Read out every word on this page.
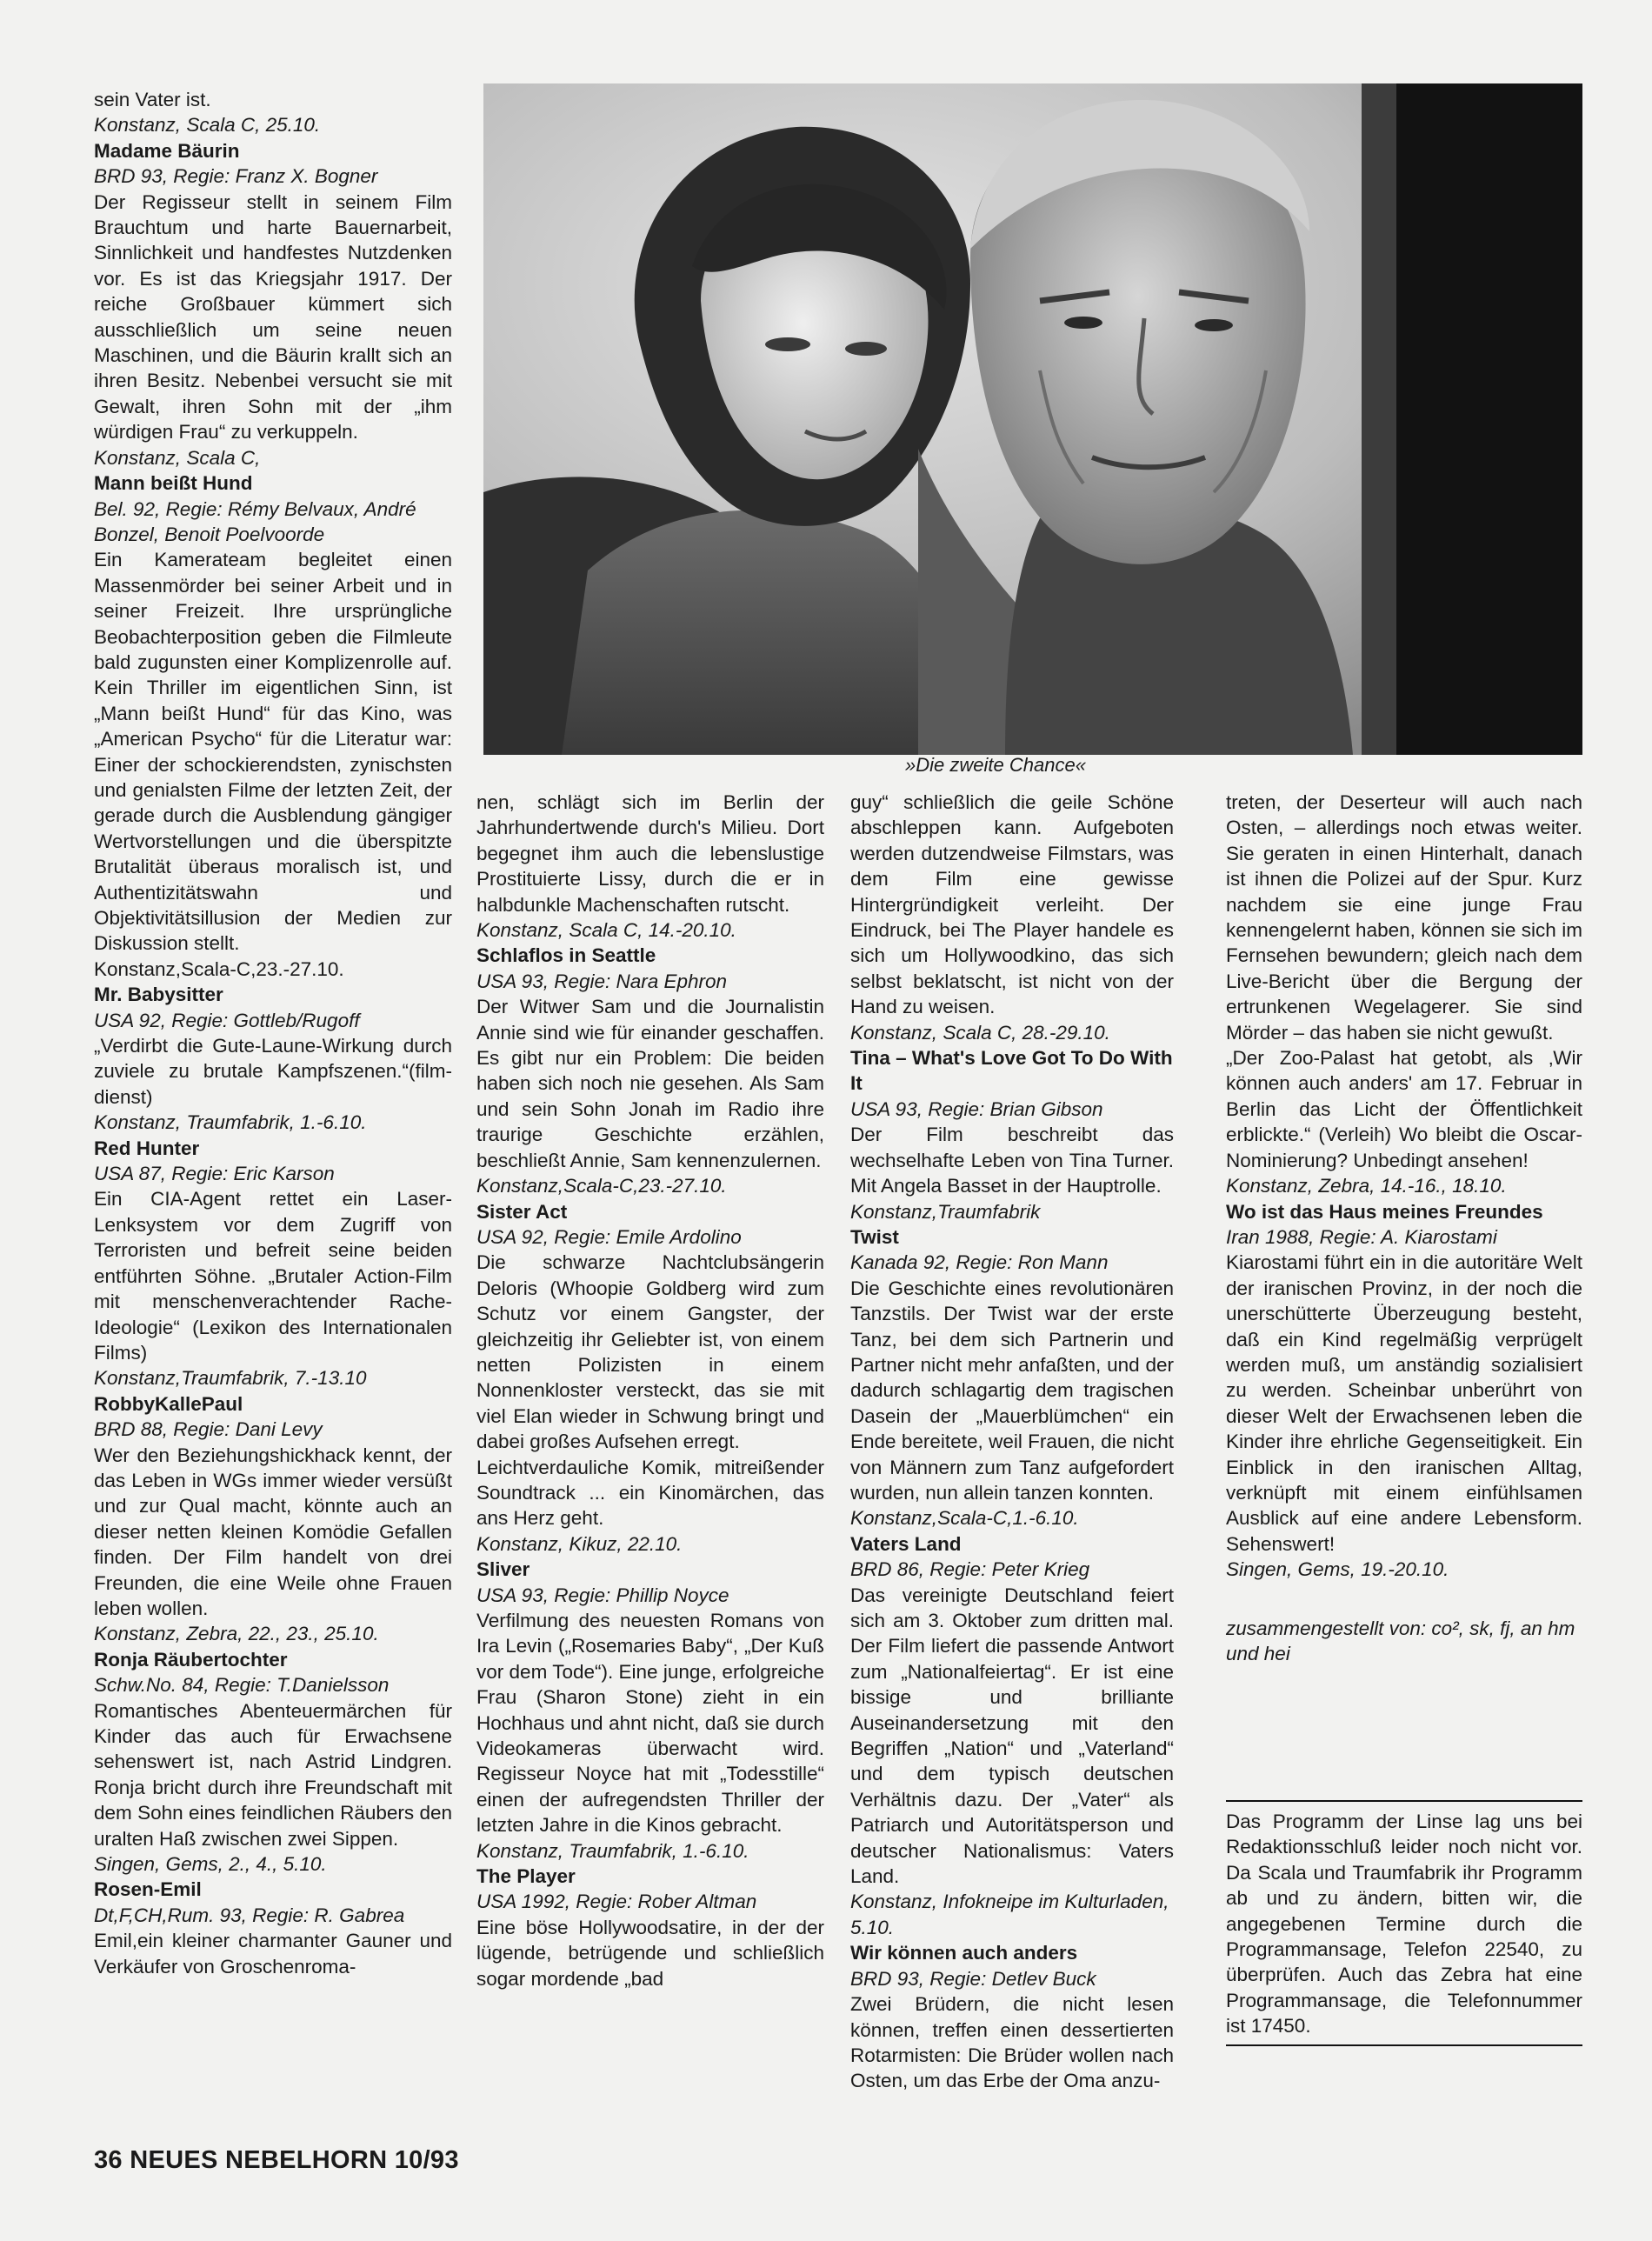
sein Vater ist.

Konstanz, Scala C, 25.10.

Madame Bäurin

BRD 93, Regie: Franz X. Bogner

Der Regisseur stellt in seinem Film Brauchtum und harte Bauernarbeit, Sinnlichkeit und handfestes Nutzdenken vor. Es ist das Kriegsjahr 1917. Der reiche Großbauer kümmert sich ausschließlich um seine neuen Maschinen, und die Bäurin krallt sich an ihren Besitz. Nebenbei versucht sie mit Gewalt, ihren Sohn mit der „ihm würdigen Frau“ zu verkuppeln.

Konstanz, Scala C,

Mann beißt Hund

Bel. 92, Regie: Rémy Belvaux, André Bonzel, Benoit Poelvoorde

Ein Kamerateam begleitet einen Massenmörder bei seiner Arbeit und in seiner Freizeit. Ihre ursprüngliche Beobachterposition geben die Filmleute bald zugunsten einer Komplizenrolle auf. Kein Thriller im eigentlichen Sinn, ist „Mann beißt Hund“ für das Kino, was „American Psycho“ für die Literatur war: Einer der schockierendsten, zynischsten und genialsten Filme der letzten Zeit, der gerade durch die Ausblendung gängiger Wertvorstellungen und die überspitzte Brutalität überaus moralisch ist, und Authentizitätswahn und Objektivitätsillusion der Medien zur Diskussion stellt.

Konstanz,Scala-C,23.-27.10.

Mr. Babysitter

USA 92, Regie: Gottleb/Rugoff

„Verdirbt die Gute-Laune-Wirkung durch zuviele zu brutale Kampfszenen.“(film-dienst)

Konstanz, Traumfabrik, 1.-6.10.

Red Hunter

USA 87, Regie: Eric Karson

Ein CIA-Agent rettet ein Laser-Lenksystem vor dem Zugriff von Terroristen und befreit seine beiden entführten Söhne. „Brutaler Action-Film mit menschenverachtender Rache-Ideologie“ (Lexikon des Internationalen Films)

Konstanz,Traumfabrik, 7.-13.10

RobbyKallePaul

BRD 88, Regie: Dani Levy

Wer den Beziehungshickhack kennt, der das Leben in WGs immer wieder versüßt und zur Qual macht, könnte auch an dieser netten kleinen Komödie Gefallen finden. Der Film handelt von drei Freunden, die eine Weile ohne Frauen leben wollen.

Konstanz, Zebra, 22., 23., 25.10.

Ronja Räubertochter

Schw.No. 84, Regie: T.Danielsson

Romantisches Abenteuermärchen für Kinder das auch für Erwachsene sehenswert ist, nach Astrid Lindgren. Ronja bricht durch ihre Freundschaft mit dem Sohn eines feindlichen Räubers den uralten Haß zwischen zwei Sippen.

Singen, Gems, 2., 4., 5.10.

Rosen-Emil

Dt,F,CH,Rum. 93, Regie: R. Gabrea

Emil,ein kleiner charmanter Gauner und Verkäufer von Groschenroma-

»Die zweite Chance«

nen, schlägt sich im Berlin der Jahrhundertwende durch's Milieu. Dort begegnet ihm auch die lebenslustige Prostituierte Lissy, durch die er in halbdunkle Machenschaften rutscht.

Konstanz, Scala C, 14.-20.10.

Schlaflos in Seattle

USA 93, Regie: Nara Ephron

Der Witwer Sam und die Journalistin Annie sind wie für einander geschaffen. Es gibt nur ein Problem: Die beiden haben sich noch nie gesehen. Als Sam und sein Sohn Jonah im Radio ihre traurige Geschichte erzählen, beschließt Annie, Sam kennenzulernen.

Konstanz,Scala-C,23.-27.10.

Sister Act

USA 92, Regie: Emile Ardolino

Die schwarze Nachtclubsängerin Deloris (Whoopie Goldberg wird zum Schutz vor einem Gangster, der gleichzeitig ihr Geliebter ist, von einem netten Polizisten in einem Nonnenkloster versteckt, das sie mit viel Elan wieder in Schwung bringt und dabei großes Aufsehen erregt.

Leichtverdauliche Komik, mitreißender Soundtrack ... ein Kinomärchen, das ans Herz geht.

Konstanz, Kikuz, 22.10.

Sliver

USA 93, Regie: Phillip Noyce

Verfilmung des neuesten Romans von Ira Levin („Rosemaries Baby“, „Der Kuß vor dem Tode“). Eine junge, erfolgreiche Frau (Sharon Stone) zieht in ein Hochhaus und ahnt nicht, daß sie durch Videokameras überwacht wird. Regisseur Noyce hat mit „Todesstille“ einen der aufregendsten Thriller der letzten Jahre in die Kinos gebracht.

Konstanz, Traumfabrik, 1.-6.10.

The Player

USA 1992, Regie: Rober Altman

Eine böse Hollywoodsatire, in der der lügende, betrügende und schließlich sogar mordende „bad

guy“ schließlich die geile Schöne abschleppen kann. Aufgeboten werden dutzendweise Filmstars, was dem Film eine gewisse Hintergründigkeit verleiht. Der Eindruck, bei The Player handele es sich um Hollywoodkino, das sich selbst beklatscht, ist nicht von der Hand zu weisen.

Konstanz, Scala C, 28.-29.10.

Tina – What's Love Got To Do With It

USA 93, Regie: Brian Gibson

Der Film beschreibt das wechselhafte Leben von Tina Turner. Mit Angela Basset in der Hauptrolle.

Konstanz,Traumfabrik

Twist

Kanada 92, Regie: Ron Mann

Die Geschichte eines revolutionären Tanzstils. Der Twist war der erste Tanz, bei dem sich Partnerin und Partner nicht mehr anfaßten, und der dadurch schlagartig dem tragischen Dasein der „Mauerblümchen“ ein Ende bereitete, weil Frauen, die nicht von Männern zum Tanz aufgefordert wurden, nun allein tanzen konnten.

Konstanz,Scala-C,1.-6.10.

Vaters Land

BRD 86, Regie: Peter Krieg

Das vereinigte Deutschland feiert sich am 3. Oktober zum dritten mal. Der Film liefert die passende Antwort zum „Nationalfeiertag“. Er ist eine bissige und brilliante Auseinandersetzung mit den Begriffen „Nation“ und „Vaterland“ und dem typisch deutschen Verhältnis dazu. Der „Vater“ als Patriarch und Autoritätsperson und deutscher Nationalismus: Vaters Land.

Konstanz, Infokneipe im Kulturladen, 5.10.

Wir können auch anders

BRD 93, Regie: Detlev Buck

Zwei Brüdern, die nicht lesen können, treffen einen dessertierten Rotarmisten: Die Brüder wollen nach Osten, um das Erbe der Oma anzu-

treten, der Deserteur will auch nach Osten, – allerdings noch etwas weiter. Sie geraten in einen Hinterhalt, danach ist ihnen die Polizei auf der Spur. Kurz nachdem sie eine junge Frau kennengelernt haben, können sie sich im Fernsehen bewundern; gleich nach dem Live-Bericht über die Bergung der ertrunkenen Wegelagerer. Sie sind Mörder – das haben sie nicht gewußt.

„Der Zoo-Palast hat getobt, als ‚Wir können auch anders' am 17. Februar in Berlin das Licht der Öffentlichkeit erblickte.“ (Verleih) Wo bleibt die Oscar-Nominierung? Unbedingt ansehen!

Konstanz, Zebra, 14.-16., 18.10.

Wo ist das Haus meines Freundes

Iran 1988, Regie: A. Kiarostami

Kiarostami führt ein in die autoritäre Welt der iranischen Provinz, in der noch die unerschütterte Überzeugung besteht, daß ein Kind regelmäßig verprügelt werden muß, um anständig sozialisiert zu werden. Scheinbar unberührt von dieser Welt der Erwachsenen leben die Kinder ihre ehrliche Gegenseitigkeit. Ein Einblick in den iranischen Alltag, verknüpft mit einem einfühlsamen Ausblick auf eine andere Lebensform. Sehenswert!

Singen, Gems, 19.-20.10.

zusammengestellt von: co², sk, fj, an hm und hei

Das Programm der Linse lag uns bei Redaktionsschluß leider noch nicht vor. Da Scala und Traumfabrik ihr Programm ab und zu ändern, bitten wir, die angegebenen Termine durch die Programmansage, Telefon 22540, zu überprüfen. Auch das Zebra hat eine Programmansage, die Telefonnummer ist 17450.
36 NEUES NEBELHORN 10/93
